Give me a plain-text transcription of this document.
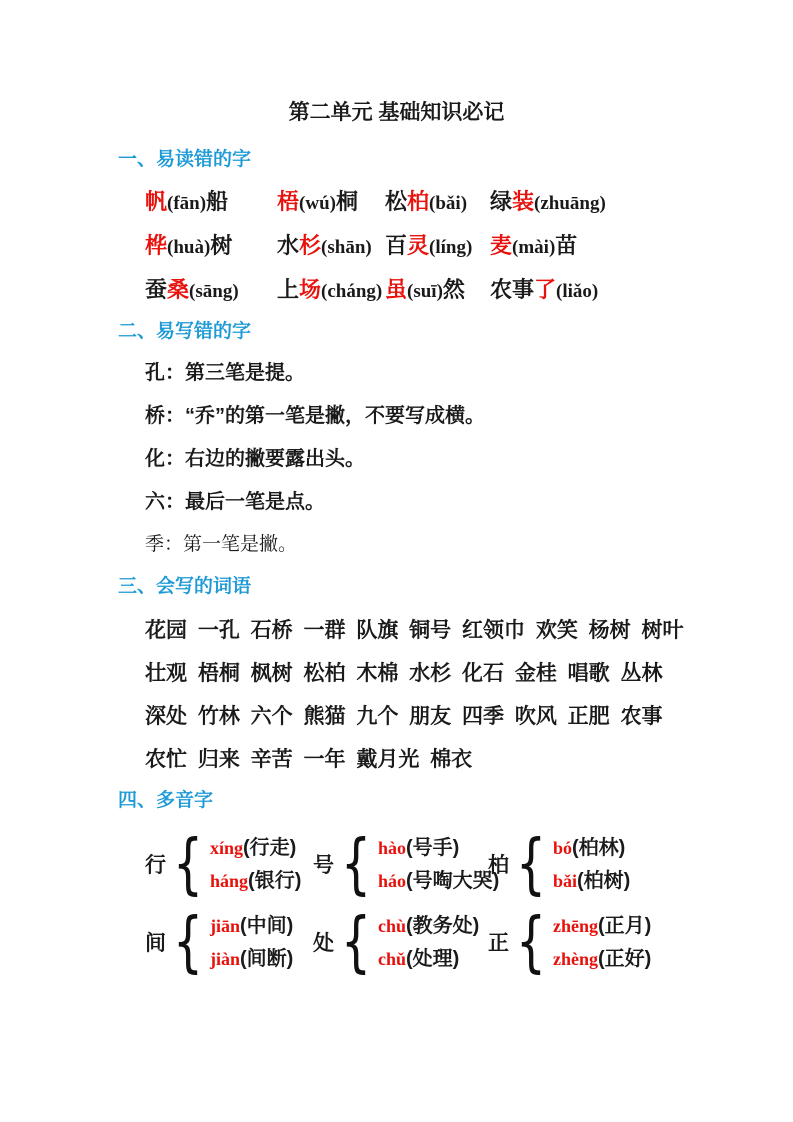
第二单元 基础知识必记
一、易读错的字
帆(fān)船	梧(wú)桐	松柏(bǎi)	绿装(zhuāng)
桦(huà)树	水杉(shān) 百灵(líng) 麦(mài)苗
蚕桑(sāng)	上场(cháng) 虽(suī)然	农事了(liǎo)
二、易写错的字
孔：第三笔是提。
桥：“乔”的第一笔是撇，不要写成横。
化：右边的撇要露出头。
六：最后一笔是点。
季：第一笔是撇。
三、会写的词语
花园 一孔 石桥 一群 队旗 铜号 红领巾 欢笑 杨树 树叶
壮观 梧桐 枫树 松柏 木棉 水杉 化石 金桂 唱歌 丛林
深处 竹林 六个 熊猫 九个 朋友 四季 吹风 正肥 农事
农忙 归来 辛苦 一年 戴月光 棉衣
四、多音字
行 { xíng(行走)
háng(银行)
号 { hào(号手)
háo(号啕大哭)
柏 { bó(柏林)
bǎi(柏树)
间 { jiān(中间)
jiàn(间断)
处 { chù(教务处)
chǔ(处理)
正 { zhēng(正月)
zhèng(正好)
